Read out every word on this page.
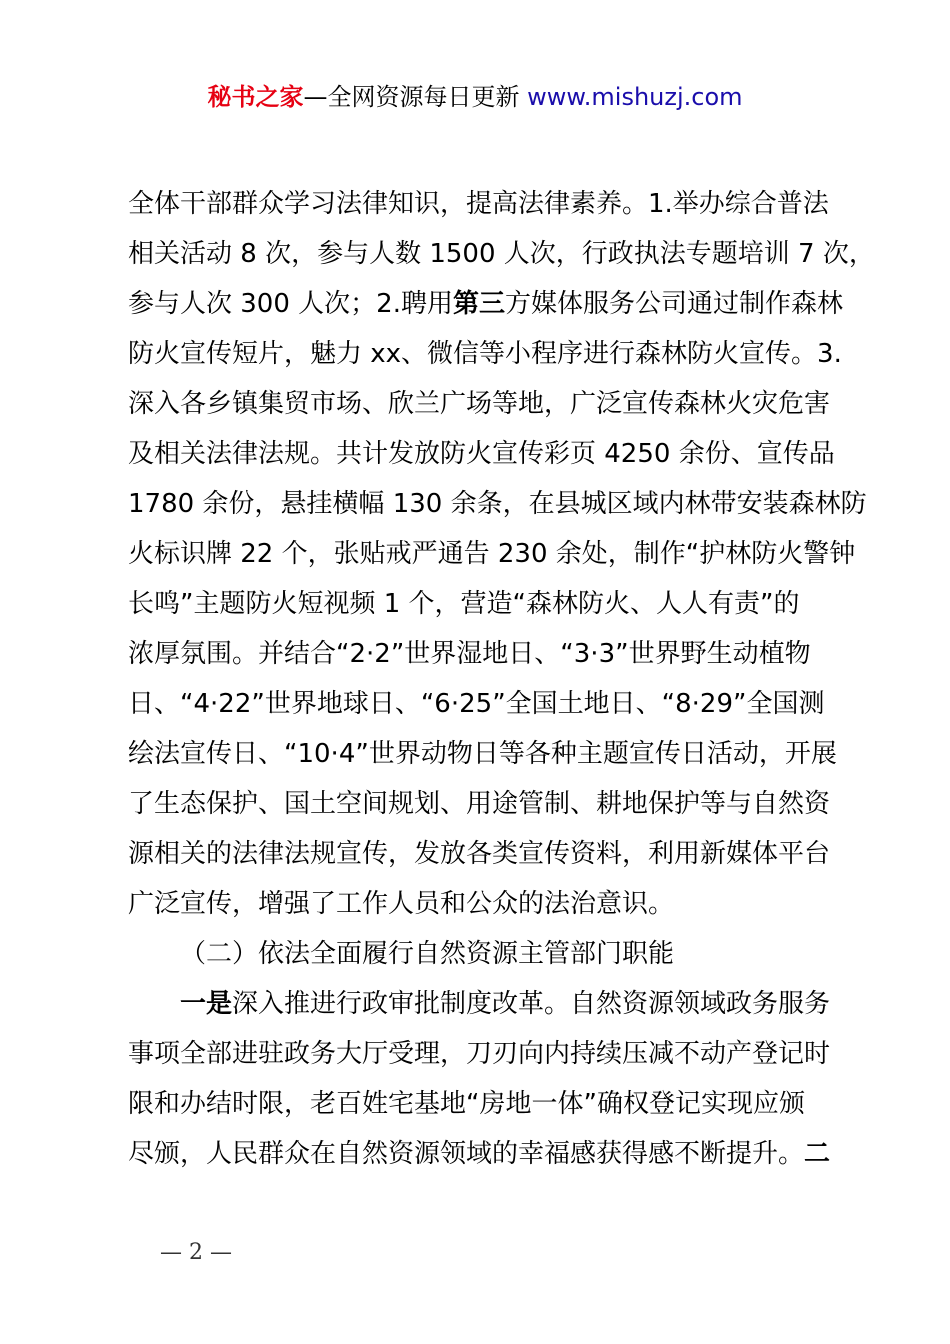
秘书之家—全网资源每日更新 www.mishuzj.com
全体干部群众学习法律知识，提高法律素养。1.举办综合普法
相关活动 8 次，参与人数 1500 人次，行政执法专题培训 7 次，
参与人次 300 人次；2.聘用第三方媒体服务公司通过制作森林
防火宣传短片，魅力 xx、微信等小程序进行森林防火宣传。3.
深入各乡镇集贸市场、欣兰广场等地，广泛宣传森林火灾危害
及相关法律法规。共计发放防火宣传彩页 4250 余份、宣传品
1780 余份，悬挂横幅 130 余条，在县城区域内林带安装森林防
火标识牌 22 个，张贴戒严通告 230 余处，制作“护林防火警钟
长鸣”主题防火短视频 1 个，营造“森林防火、人人有责”的
浓厚氛围。并结合“2·2”世界湿地日、“3·3”世界野生动植物
日、“4·22”世界地球日、“6·25”全国土地日、“8·29”全国测
绘法宣传日、“10·4”世界动物日等各种主题宣传日活动，开展
了生态保护、国土空间规划、用途管制、耕地保护等与自然资
源相关的法律法规宣传，发放各类宣传资料，利用新媒体平台
广泛宣传，增强了工作人员和公众的法治意识。
（二）依法全面履行自然资源主管部门职能
一是深入推进行政审批制度改革。自然资源领域政务服务
事项全部进驻政务大厅受理，刀刃向内持续压减不动产登记时
限和办结时限，老百姓宅基地“房地一体”确权登记实现应颁
尽颁，人民群众在自然资源领域的幸福感获得感不断提升。二
— 2 —
